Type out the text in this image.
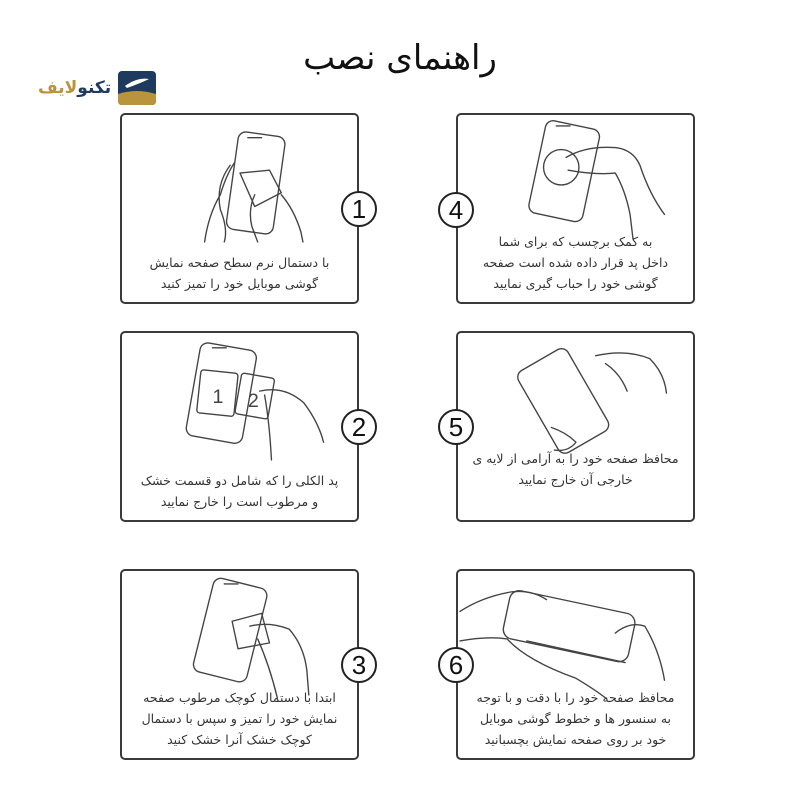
تکنولایف
راهنمای نصب
با دستمال نرم سطح صفحه نمایش
گوشی موبایل خود را تمیز کنید
1
به کمک برچسب که برای شما
داخل پد قرار داده شده است صفحه
گوشی خود را حباب گیری نمایید
4
1 2
پد الکلی را که شامل دو قسمت خشک
و مرطوب است را خارج نمایید
2
محافظ صفحه خود را به آرامی از لایه ی
خارجی آن خارج نمایید
5
ابتدا با دستمال کوچک مرطوب صفحه
نمایش خود را تمیز و سپس با دستمال
کوچک خشک آنرا خشک کنید
3
محافظ صفحه خود را با دقت و با توجه
به سنسور ها و خطوط گوشی موبایل
خود بر روی صفحه نمایش بچسبانید
6
